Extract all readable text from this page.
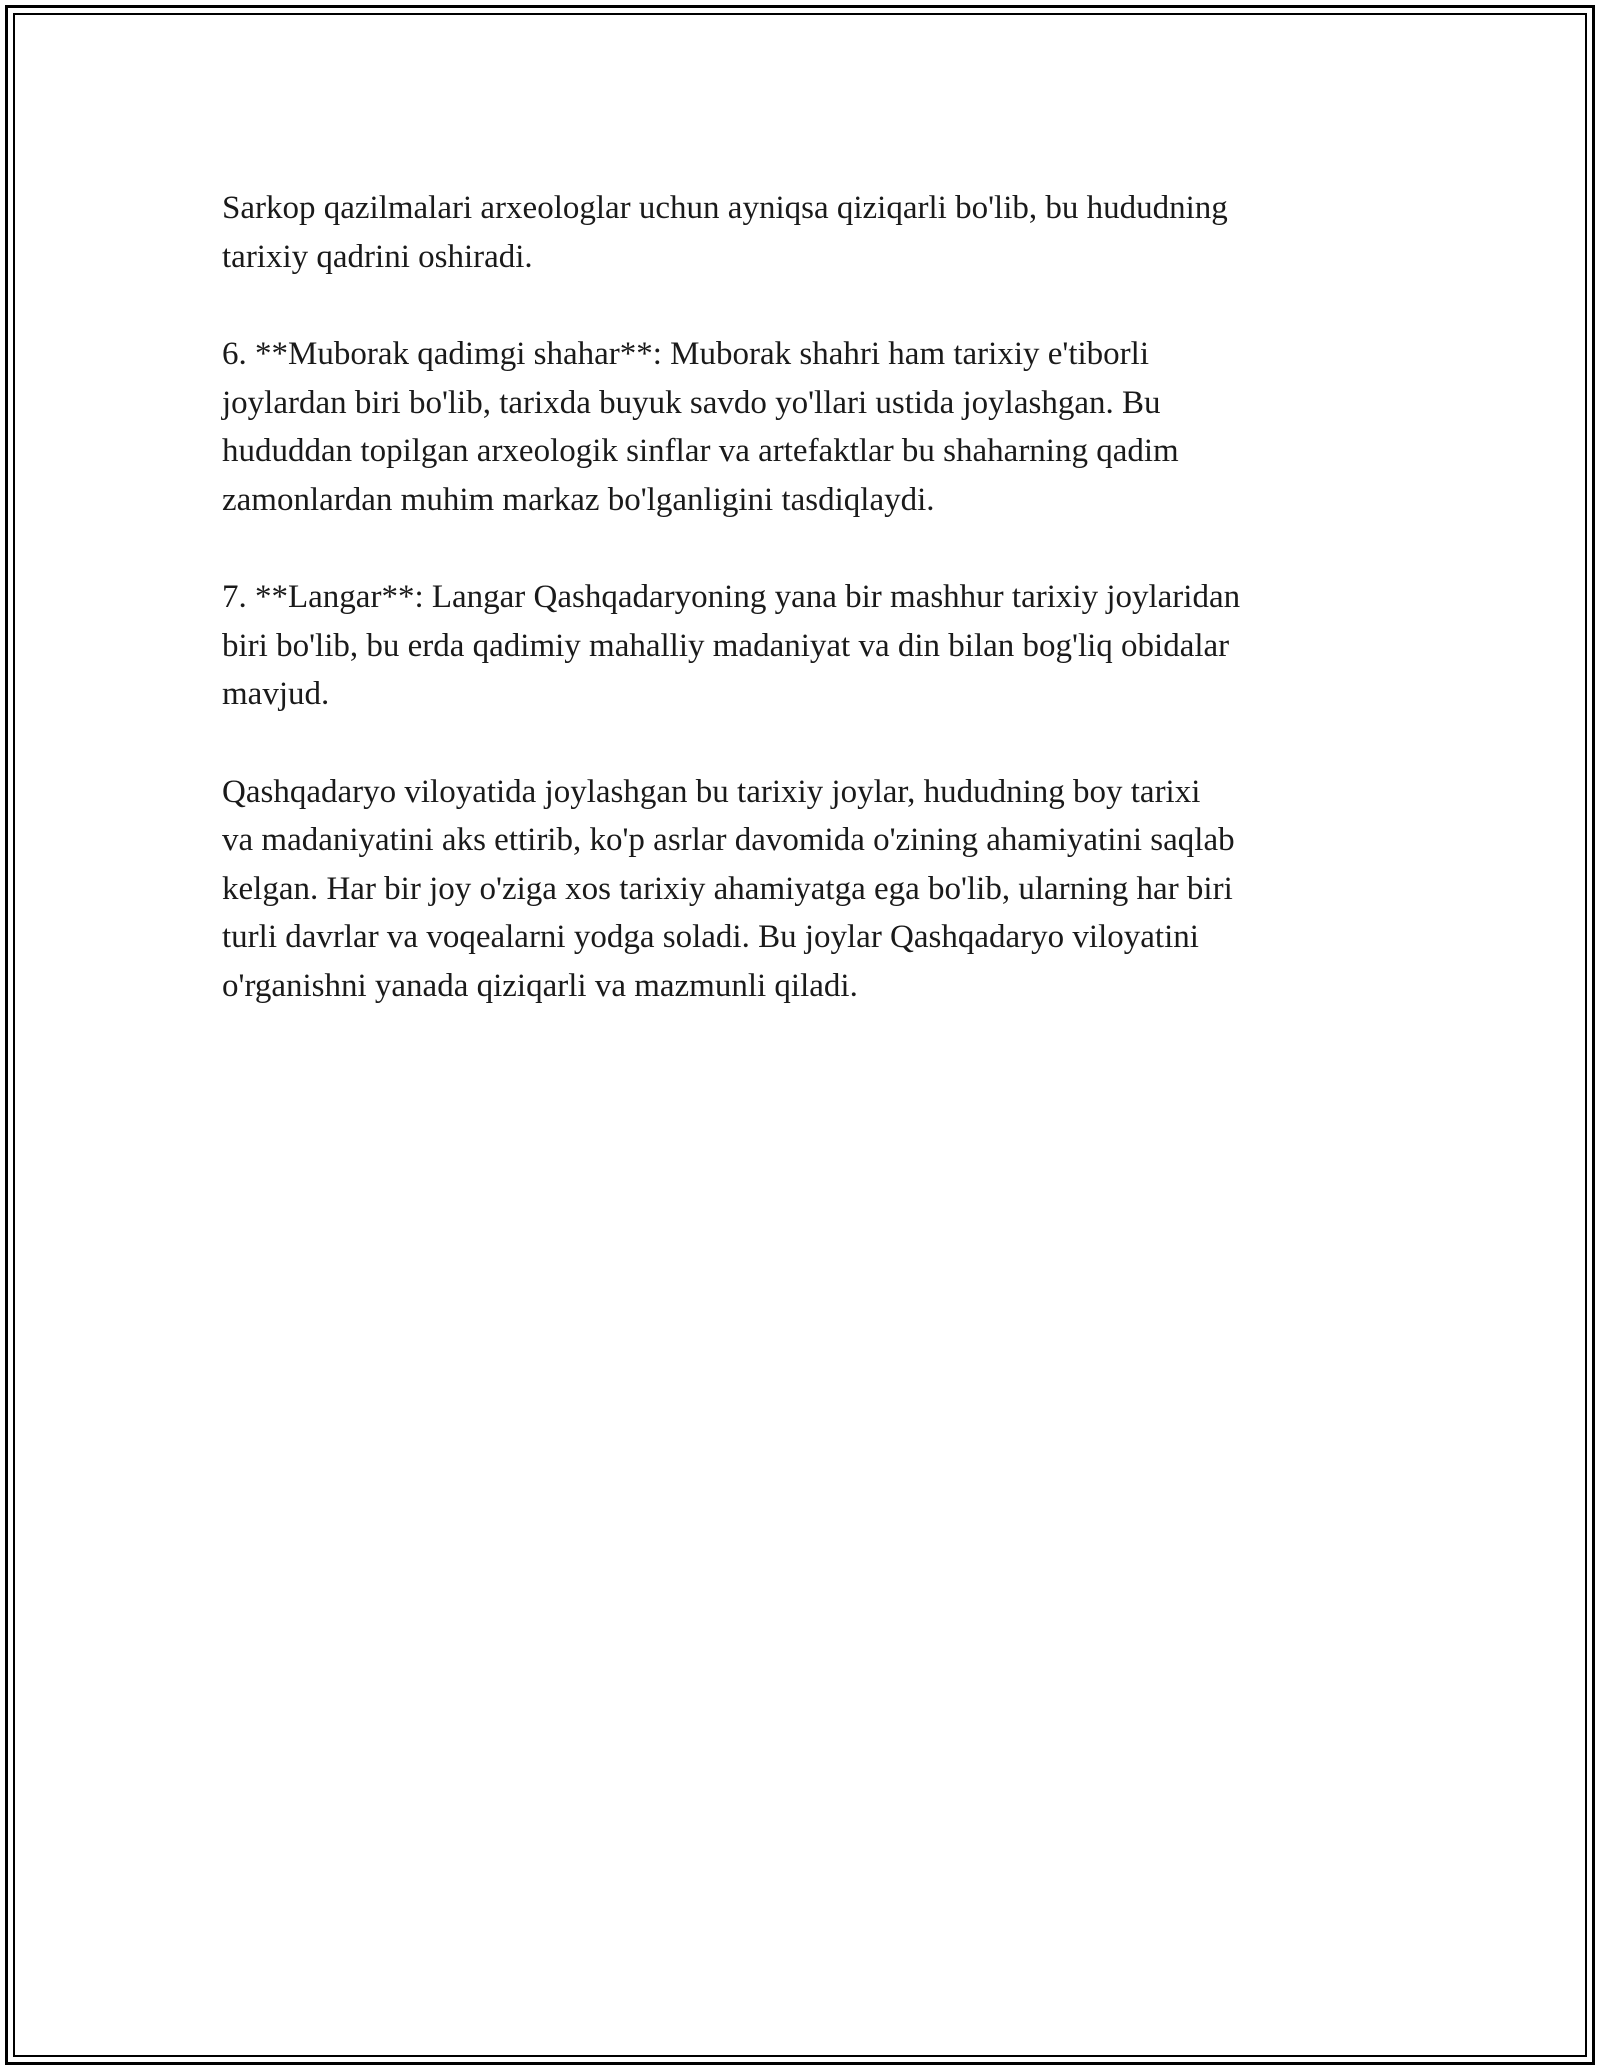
Sarkop qazilmalari arxeologlar uchun ayniqsa qiziqarli bo'lib, bu hududning
tarixiy qadrini oshiradi.

6. **Muborak qadimgi shahar**: Muborak shahri ham tarixiy e'tiborli
joylardan biri bo'lib, tarixda buyuk savdo yo'llari ustida joylashgan. Bu
hududdan topilgan arxeologik sinflar va artefaktlar bu shaharning qadim
zamonlardan muhim markaz bo'lganligini tasdiqlaydi.

7. **Langar**: Langar Qashqadaryoning yana bir mashhur tarixiy joylaridan
biri bo'lib, bu erda qadimiy mahalliy madaniyat va din bilan bog'liq obidalar
mavjud.

Qashqadaryo viloyatida joylashgan bu tarixiy joylar, hududning boy tarixi
va madaniyatini aks ettirib, ko'p asrlar davomida o'zining ahamiyatini saqlab
kelgan. Har bir joy o'ziga xos tarixiy ahamiyatga ega bo'lib, ularning har biri
turli davrlar va voqealarni yodga soladi. Bu joylar Qashqadaryo viloyatini
o'rganishni yanada qiziqarli va mazmunli qiladi.
